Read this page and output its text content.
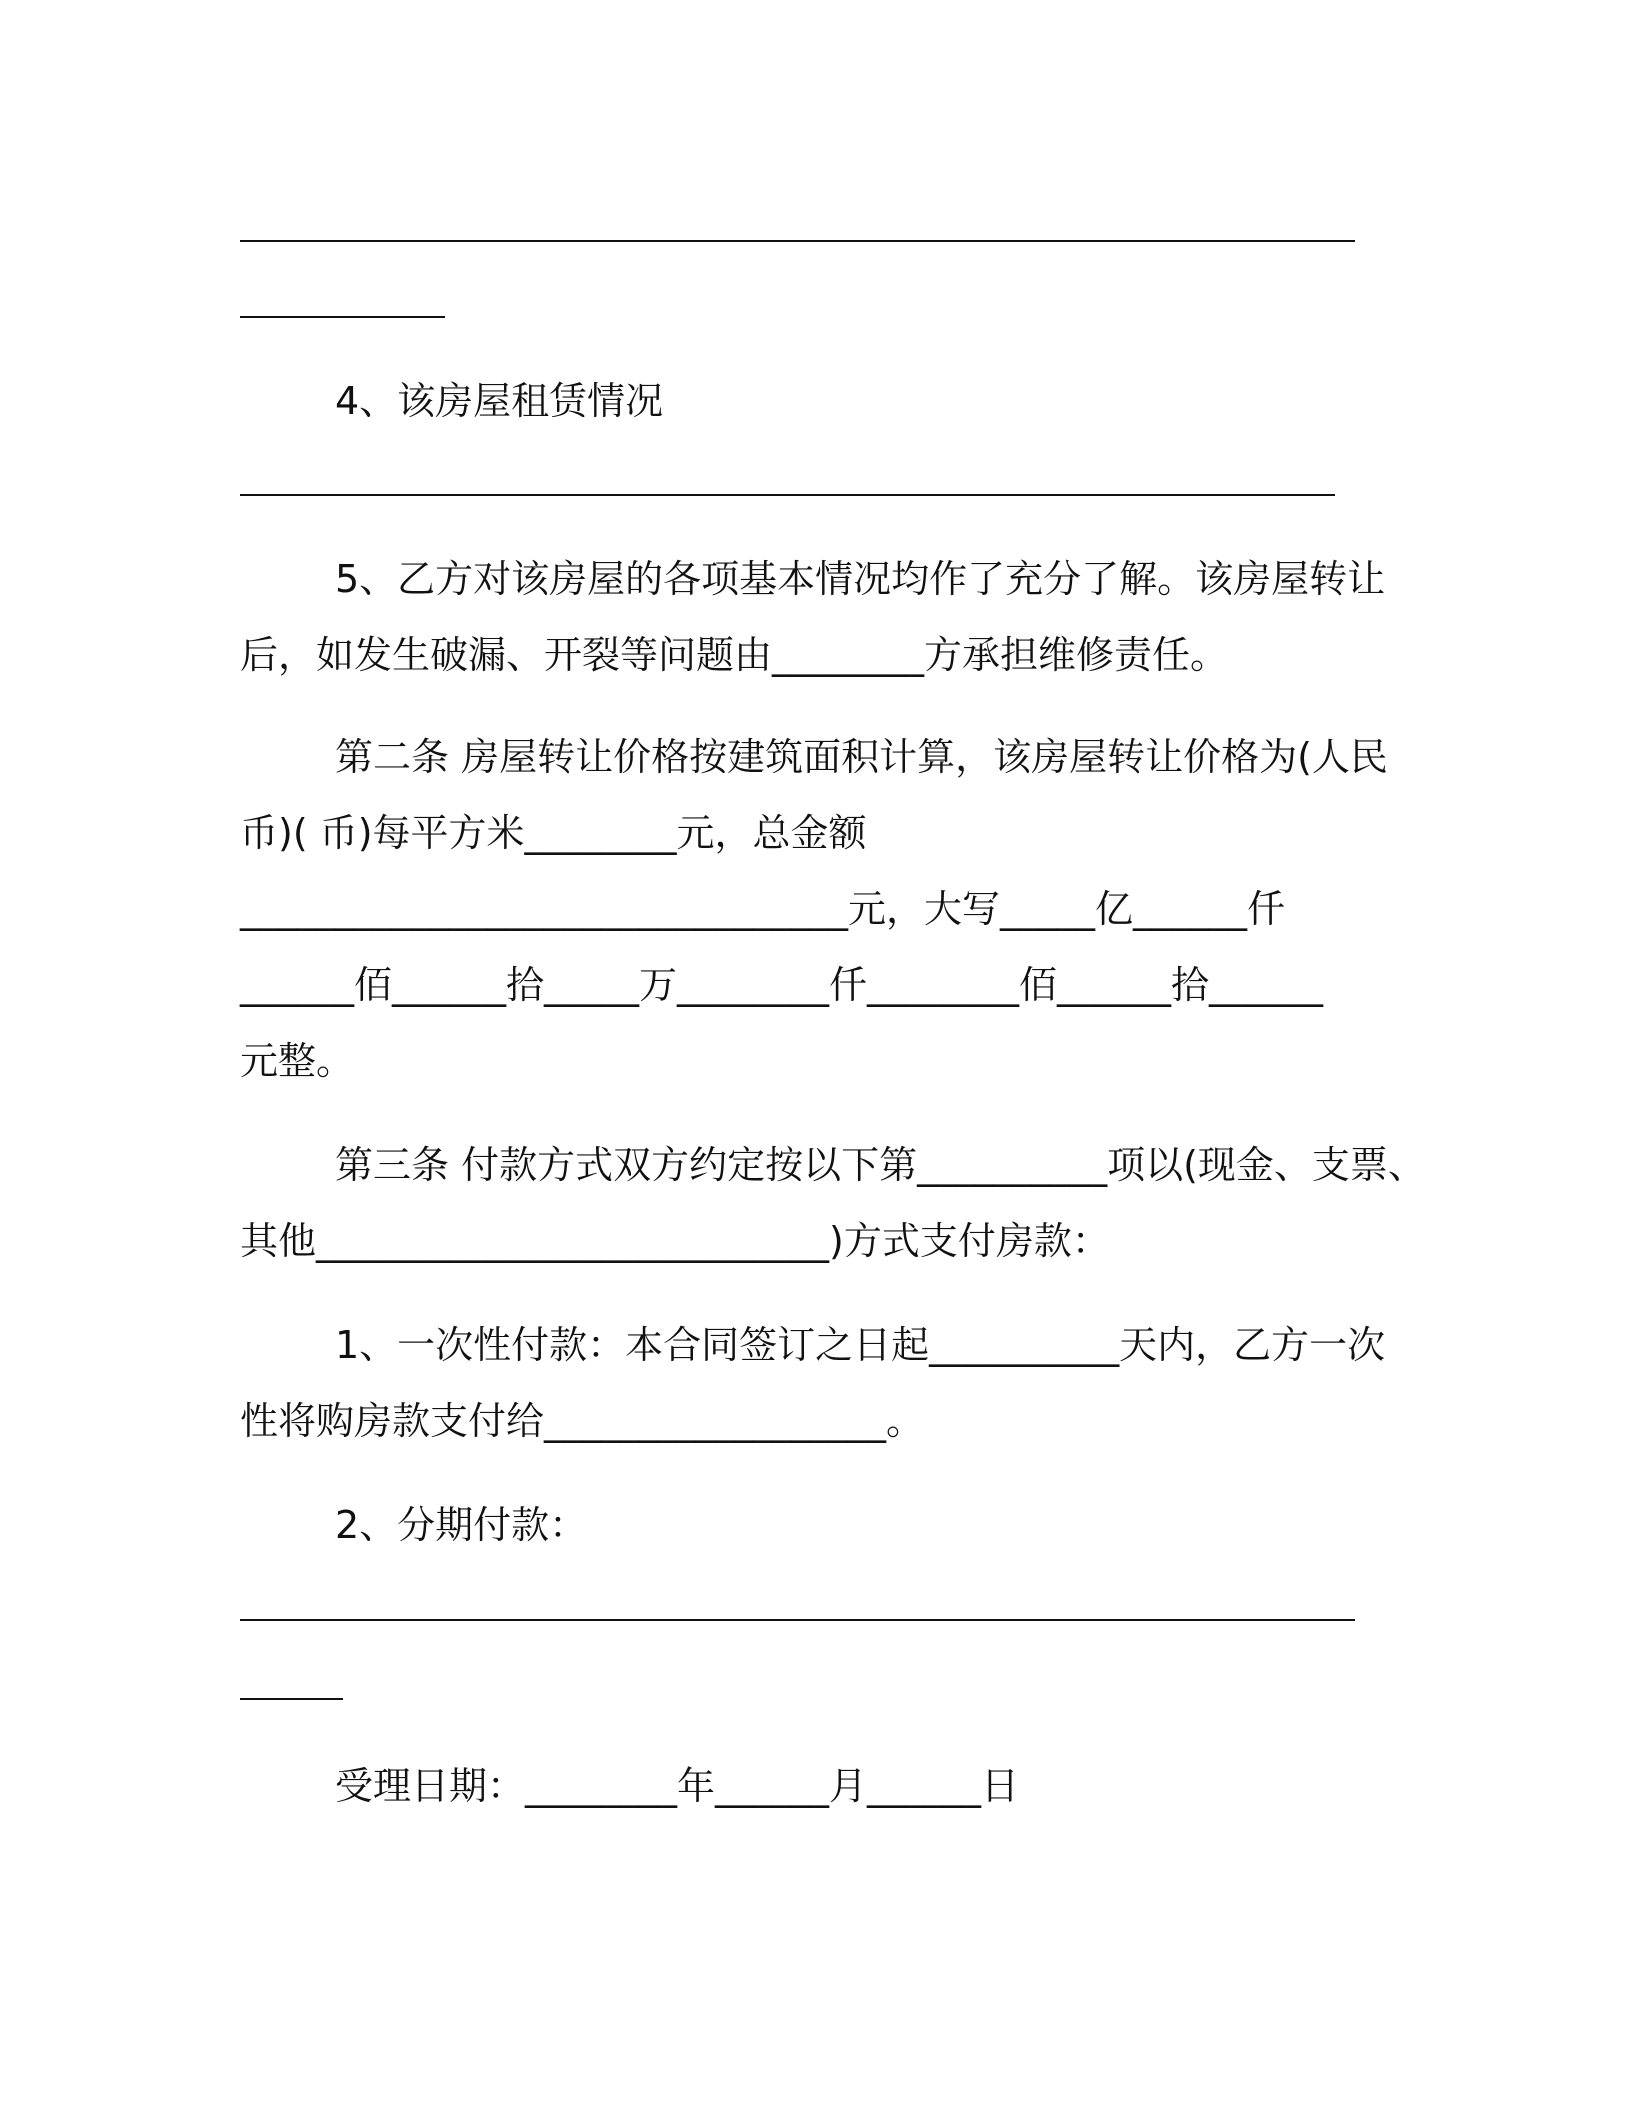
4、该房屋租赁情况
5、乙方对该房屋的各项基本情况均作了充分了解。该房屋转让
后，如发生破漏、开裂等问题由________方承担维修责任。
第二条 房屋转让价格按建筑面积计算，该房屋转让价格为(人民
币)( 币)每平方米________元，总金额
________________________________元，大写_____亿______仟
______佰______拾_____万________仟________佰______拾______
元整。
第三条 付款方式双方约定按以下第__________项以(现金、支票、
其他___________________________)方式支付房款：
1、一次性付款：本合同签订之日起__________天内，乙方一次
性将购房款支付给__________________。
2、分期付款：
受理日期：________年______月______日
